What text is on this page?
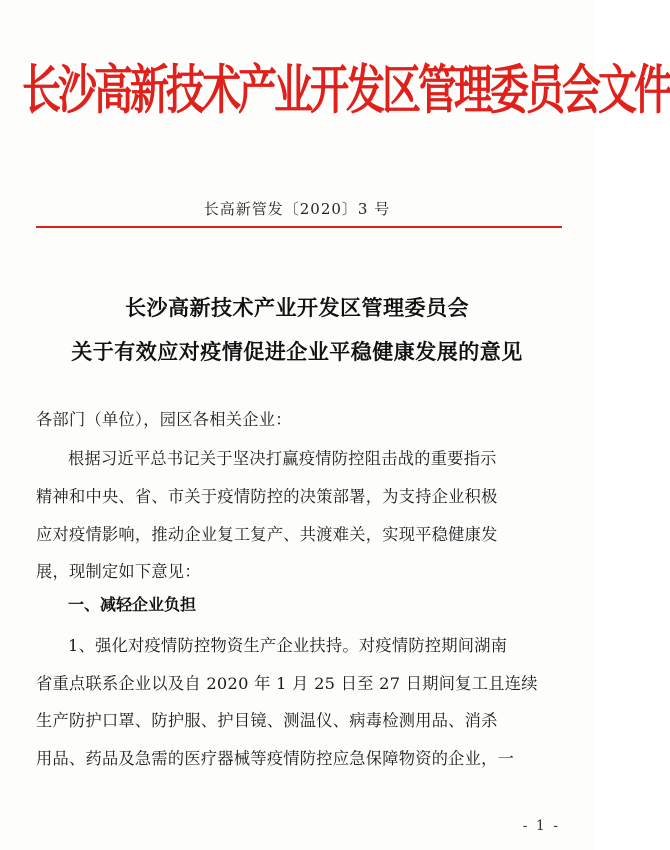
长沙高新技术产业开发区管理委员会文件
长高新管发〔2020〕3 号
长沙高新技术产业开发区管理委员会
关于有效应对疫情促进企业平稳健康发展的意见
各部门（单位），园区各相关企业：
根据习近平总书记关于坚决打赢疫情防控阻击战的重要指示
精神和中央、省、市关于疫情防控的决策部署，为支持企业积极
应对疫情影响，推动企业复工复产、共渡难关，实现平稳健康发
展，现制定如下意见：
一、减轻企业负担
1、强化对疫情防控物资生产企业扶持。对疫情防控期间湖南
省重点联系企业以及自 2020 年 1 月 25 日至 27 日期间复工且连续
生产防护口罩、防护服、护目镜、测温仪、病毒检测用品、消杀
用品、药品及急需的医疗器械等疫情防控应急保障物资的企业，一
- 1 -
